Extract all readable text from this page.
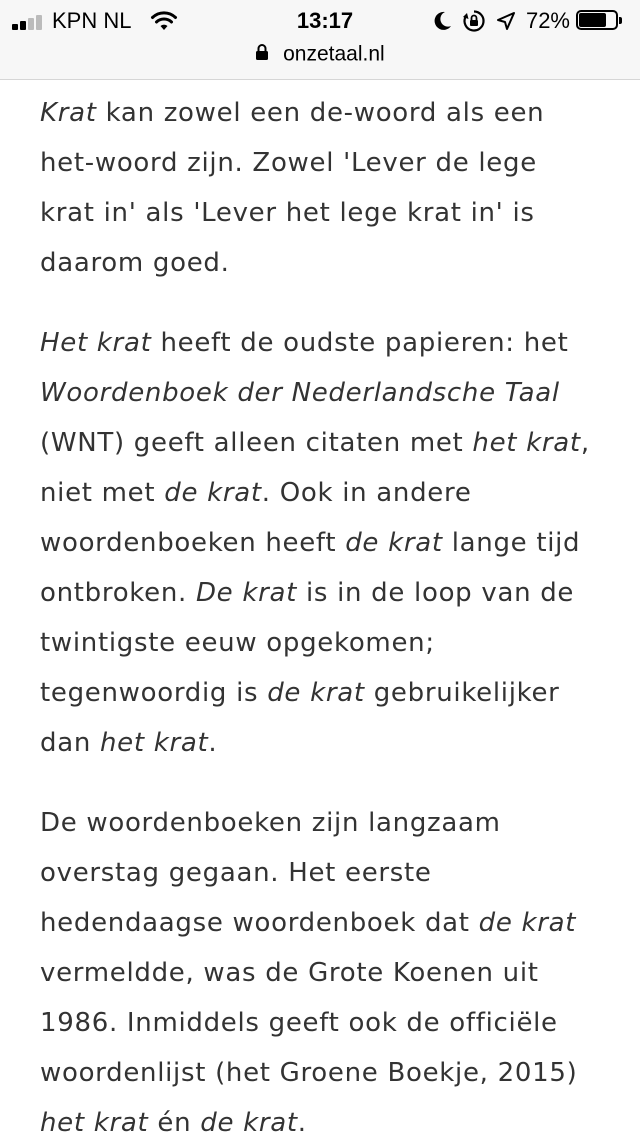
KPN NL	13:17	72%
onzetaal.nl

Krat kan zowel een de-woord als een het-woord zijn. Zowel 'Lever de lege krat in' als 'Lever het lege krat in' is daarom goed.

Het krat heeft de oudste papieren: het Woordenboek der Nederlandsche Taal (WNT) geeft alleen citaten met het krat, niet met de krat. Ook in andere woordenboeken heeft de krat lange tijd ontbroken. De krat is in de loop van de twintigste eeuw opgekomen; tegenwoordig is de krat gebruikelijker dan het krat.

De woordenboeken zijn langzaam overstag gegaan. Het eerste hedendaagse woordenboek dat de krat vermeldde, was de Grote Koenen uit 1986. Inmiddels geeft ook de officiële woordenlijst (het Groene Boekje, 2015) het krat én de krat.
